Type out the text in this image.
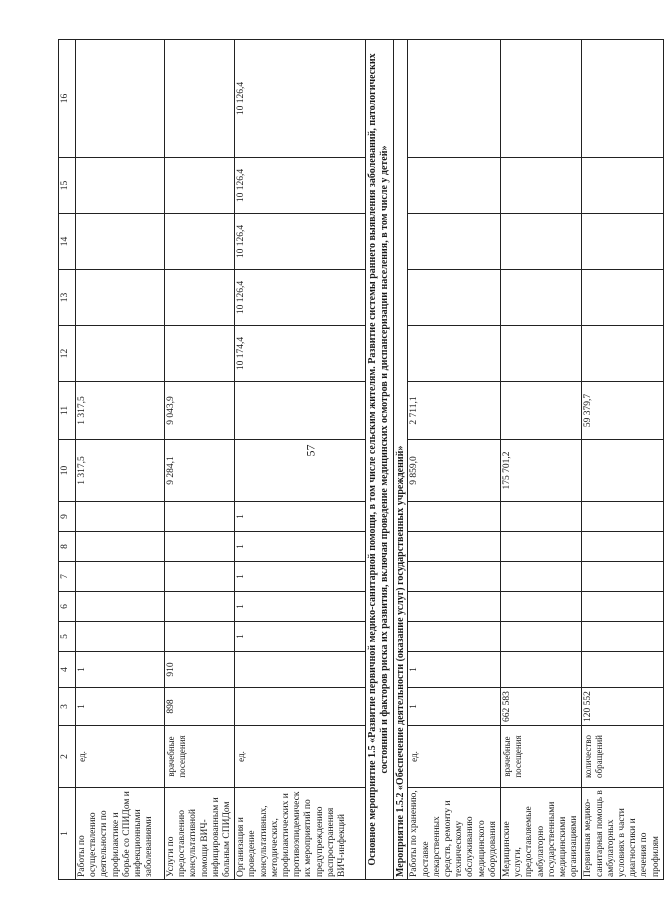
57
1	2	3	4	5	6	7	8	9	10	11	12	13	14	15	16
Работы по осуществлению деятельности по профилактике и борьбе со СПИДом и инфекционными заболеваниями	ед.	1	1						1 317,5	1 317,5					
Услуги по предоставлению консультативной помощи ВИЧ-инфицированным и больным СПИДом	врачебные посещения	898	910						9 284,1	9 043,9					
Организация и проведение консультативных, методических, профилактических и противоэпидемических мероприятий по предупреждению распространения ВИЧ-инфекций	ед.			1	1	1	1	1			10 174,4	10 126,4	10 126,4	10 126,4	10 126,4
Основное мероприятие 1.5 «Развитие первичной медико-санитарной помощи, в том числе сельским жителям. Развитие системы раннего выявления заболеваний, патологических состояний и факторов риска их развития, включая проведение медицинских осмотров и диспансеризации населения, в том числе у детей»															
Мероприятие 1.5.2 «Обеспечение деятельности (оказание услуг) государственных учреждений»															
Работы по хранению, доставке лекарственных средств, ремонту и техническому обслуживанию медицинского оборудования	ед.	1	1						9 859,0	2 711,1					
Медицинские услуги, предоставляемые амбулаторно государственными медицинскими организациями	врачебные посещения	662 583							175 701,2						
Первичная медико-санитарная помощь в амбулаторных условиях в части диагностики и лечения по профилям	количество обращений	120 552								59 379,7					
